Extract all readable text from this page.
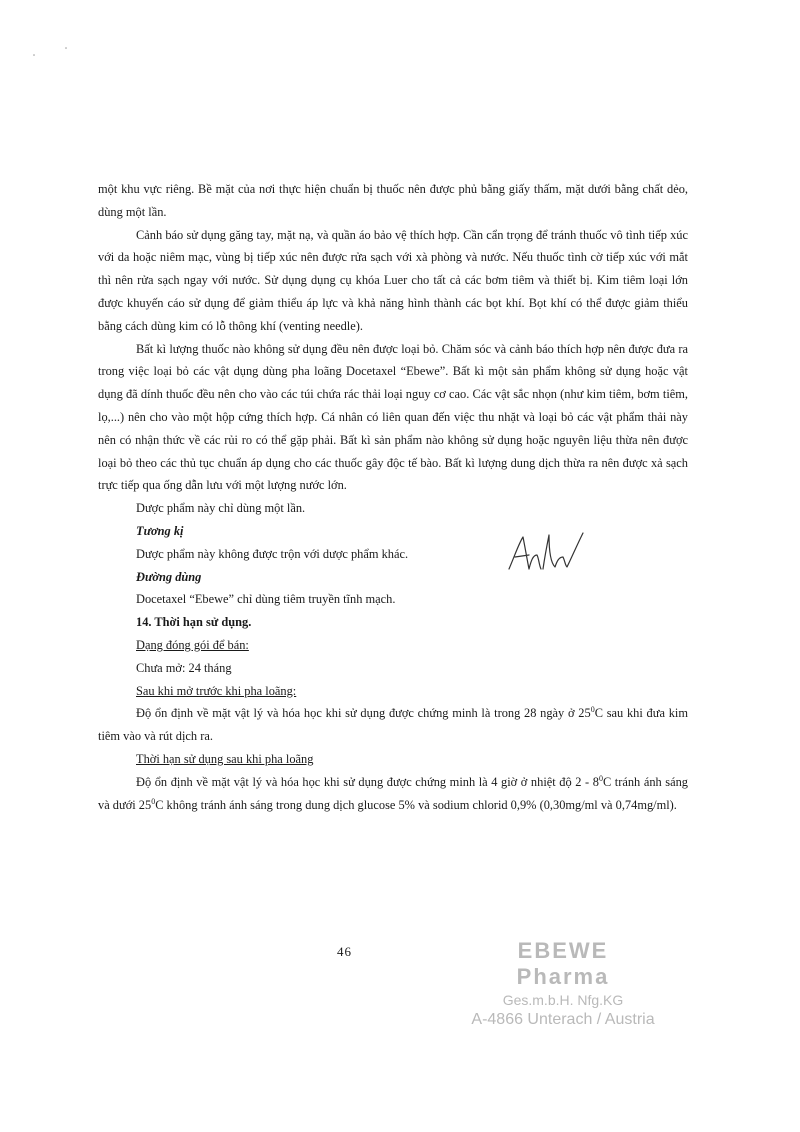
một khu vực riêng. Bề mặt của nơi thực hiện chuẩn bị thuốc nên được phủ bằng giấy thấm, mặt dưới bằng chất dẻo, dùng một lần.

Cảnh báo sử dụng găng tay, mặt nạ, và quần áo bảo vệ thích hợp. Cần cẩn trọng để tránh thuốc vô tình tiếp xúc với da hoặc niêm mạc, vùng bị tiếp xúc nên được rửa sạch với xà phòng và nước. Nếu thuốc tình cờ tiếp xúc với mắt thì nên rửa sạch ngay với nước. Sử dụng dụng cụ khóa Luer cho tất cả các bơm tiêm và thiết bị. Kim tiêm loại lớn được khuyến cáo sử dụng để giảm thiểu áp lực và khả năng hình thành các bọt khí. Bọt khí có thể được giảm thiểu bằng cách dùng kim có lỗ thông khí (venting needle).

Bất kì lượng thuốc nào không sử dụng đều nên được loại bỏ. Chăm sóc và cảnh báo thích hợp nên được đưa ra trong việc loại bỏ các vật dụng dùng pha loãng Docetaxel “Ebewe”. Bất kì một sản phẩm không sử dụng hoặc vật dụng đã dính thuốc đều nên cho vào các túi chứa rác thải loại nguy cơ cao. Các vật sắc nhọn (như kim tiêm, bơm tiêm, lọ,...) nên cho vào một hộp cứng thích hợp. Cá nhân có liên quan đến việc thu nhặt và loại bỏ các vật phẩm thải này nên có nhận thức về các rủi ro có thể gặp phải. Bất kì sản phẩm nào không sử dụng hoặc nguyên liệu thừa nên được loại bỏ theo các thủ tục chuẩn áp dụng cho các thuốc gây độc tế bào. Bất kì lượng dung dịch thừa ra nên được xả sạch trực tiếp qua ống dẫn lưu với một lượng nước lớn.

Dược phẩm này chỉ dùng một lần.

Tương kị

Dược phẩm này không được trộn với dược phẩm khác.

Đường dùng

Docetaxel “Ebewe” chỉ dùng tiêm truyền tĩnh mạch.

14. Thời hạn sử dụng.

Dạng đóng gói để bán:

Chưa mở: 24 tháng

Sau khi mở trước khi pha loãng:

Độ ổn định về mặt vật lý và hóa học khi sử dụng được chứng minh là trong 28 ngày ở $25^0C$ sau khi đưa kim tiêm vào và rút dịch ra.

Thời hạn sử dụng sau khi pha loãng

Độ ổn định về mặt vật lý và hóa học khi sử dụng được chứng minh là 4 giờ ở nhiệt độ $2 - 8^0C$ tránh ánh sáng và dưới $25^0C$ không tránh ánh sáng trong dung dịch glucose 5% và sodium chlorid 0,9% (0,30mg/ml và 0,74mg/ml).

46	EBEWE Pharma
Ges.m.b.H. Nfg.KG
A-4866 Unterach / Austria
